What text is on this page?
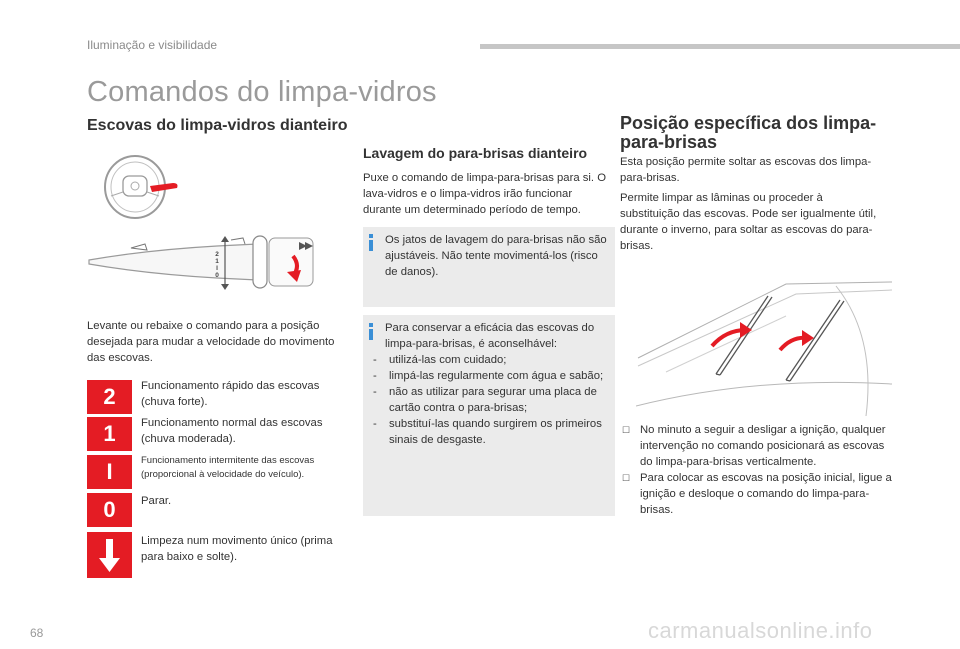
Iluminação e visibilidade
Comandos do limpa-vidros
Escovas do limpa-vidros dianteiro
2
1
I
0
Levante ou rebaixe o comando para a posição desejada para mudar a velocidade do movimento das escovas.
2	Funcionamento rápido das escovas (chuva forte).
1	Funcionamento normal das escovas (chuva moderada).
I	Funcionamento intermitente das escovas (proporcional à velocidade do veículo).
0	Parar.
Limpeza num movimento único (prima para baixo e solte).
Lavagem do para-brisas dianteiro
Puxe o comando de limpa-para-brisas para si. O lava-vidros e o limpa-vidros irão funcionar durante um determinado período de tempo.
Os jatos de lavagem do para-brisas não são ajustáveis. Não tente movimentá-los (risco de danos).
Para conservar a eficácia das escovas do limpa-para-brisas, é aconselhável:
- utilizá-las com cuidado;
- limpá-las regularmente com água e sabão;
- não as utilizar para segurar uma placa de cartão contra o para-brisas;
- substituí-las quando surgirem os primeiros sinais de desgaste.
Posição específica dos limpa-para-brisas
Esta posição permite soltar as escovas dos limpa-para-brisas.
Permite limpar as lâminas ou proceder à substituição das escovas. Pode ser igualmente útil, durante o inverno, para soltar as escovas do para-brisas.
☐ No minuto a seguir a desligar a ignição, qualquer intervenção no comando posicionará as escovas do limpa-para-brisas verticalmente.
☐ Para colocar as escovas na posição inicial, ligue a ignição e desloque o comando do limpa-para-brisas.
68	carmanualsonline.info
